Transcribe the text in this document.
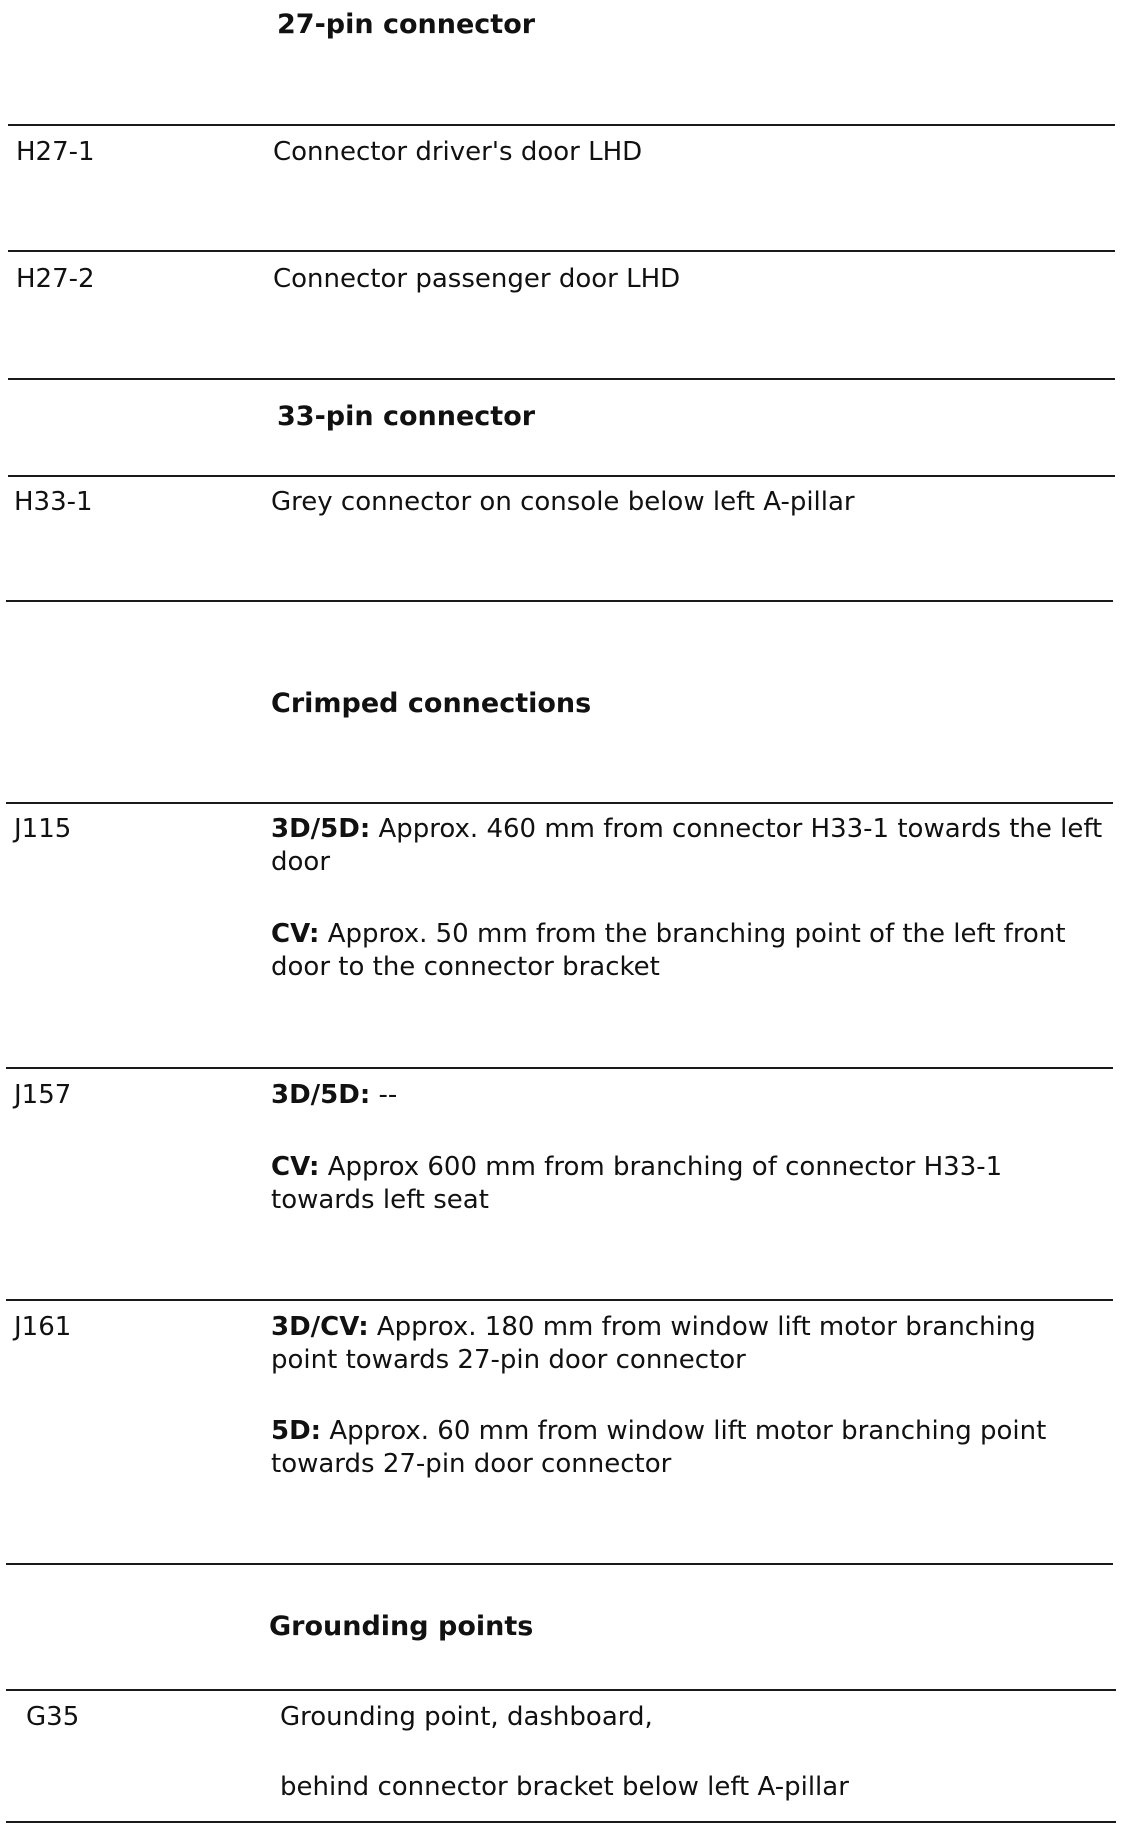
27-pin connector
H27-1	Connector driver's door LHD
H27-2	Connector passenger door LHD
33-pin connector
H33-1	Grey connector on console below left A-pillar
Crimped connections
J115	3D/5D: Approx. 460 mm from connector H33-1 towards the left door
CV: Approx. 50 mm from the branching point of the left front door to the connector bracket
J157	3D/5D: --
CV: Approx 600 mm from branching of connector H33-1 towards left seat
J161	3D/CV: Approx. 180 mm from window lift motor branching point towards 27-pin door connector
5D: Approx. 60 mm from window lift motor branching point towards 27-pin door connector
Grounding points
G35	Grounding point, dashboard,
behind connector bracket below left A-pillar
